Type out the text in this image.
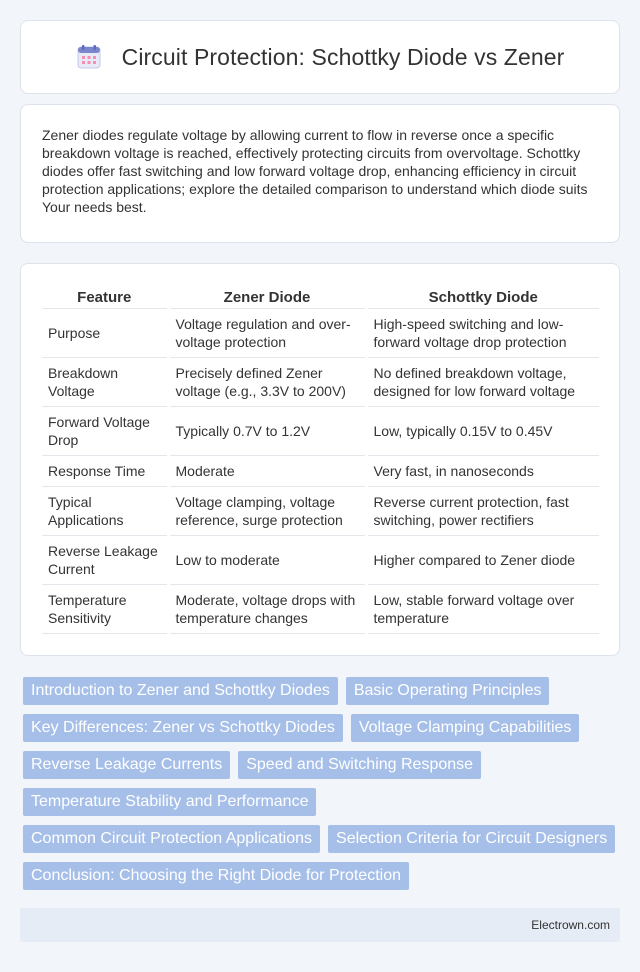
Circuit Protection: Schottky Diode vs Zener

Zener diodes regulate voltage by allowing current to flow in reverse once a specific breakdown voltage is reached, effectively protecting circuits from overvoltage. Schottky diodes offer fast switching and low forward voltage drop, enhancing efficiency in circuit protection applications; explore the detailed comparison to understand which diode suits Your needs best.

Feature	Zener Diode	Schottky Diode
Purpose	Voltage regulation and over-voltage protection	High-speed switching and low-forward voltage drop protection
Breakdown Voltage	Precisely defined Zener voltage (e.g., 3.3V to 200V)	No defined breakdown voltage, designed for low forward voltage
Forward Voltage Drop	Typically 0.7V to 1.2V	Low, typically 0.15V to 0.45V
Response Time	Moderate	Very fast, in nanoseconds
Typical Applications	Voltage clamping, voltage reference, surge protection	Reverse current protection, fast switching, power rectifiers
Reverse Leakage Current	Low to moderate	Higher compared to Zener diode
Temperature Sensitivity	Moderate, voltage drops with temperature changes	Low, stable forward voltage over temperature
Introduction to Zener and Schottky Diodes	Basic Operating Principles
Key Differences: Zener vs Schottky Diodes	Voltage Clamping Capabilities
Reverse Leakage Currents	Speed and Switching Response
Temperature Stability and Performance
Common Circuit Protection Applications	Selection Criteria for Circuit Designers
Conclusion: Choosing the Right Diode for Protection
Electrown.com
